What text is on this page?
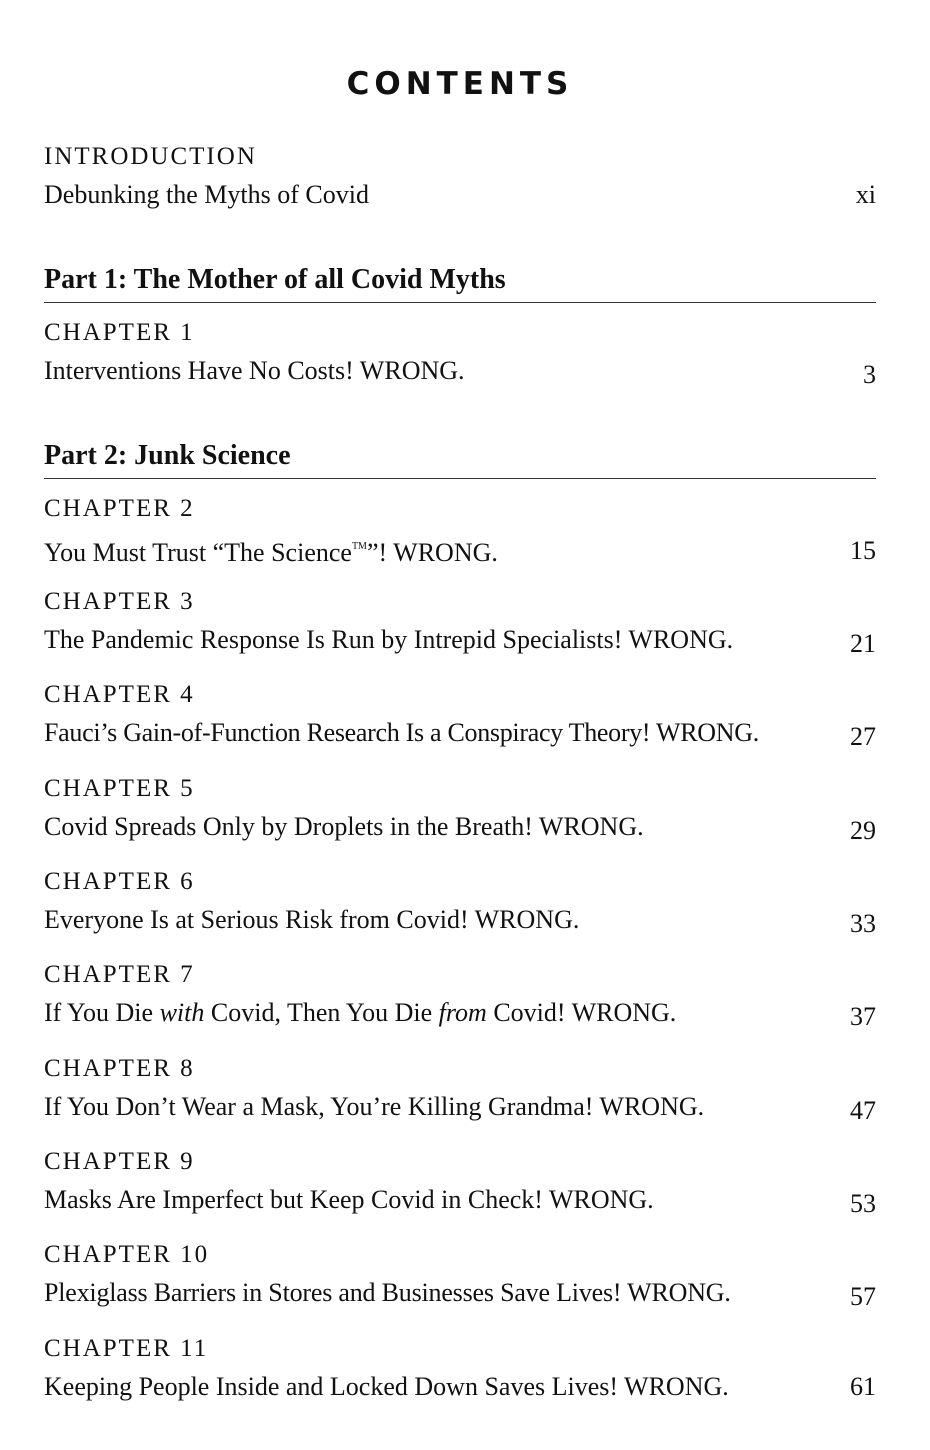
CONTENTS
INTRODUCTION
Debunking the Myths of Covid	xi
Part 1: The Mother of all Covid Myths
CHAPTER 1
Interventions Have No Costs! WRONG.	3
Part 2: Junk Science
CHAPTER 2
You Must Trust “The Science™”! WRONG.	15
CHAPTER 3
The Pandemic Response Is Run by Intrepid Specialists! WRONG.	21
CHAPTER 4
Fauci’s Gain-of-Function Research Is a Conspiracy Theory! WRONG.	27
CHAPTER 5
Covid Spreads Only by Droplets in the Breath! WRONG.	29
CHAPTER 6
Everyone Is at Serious Risk from Covid! WRONG.	33
CHAPTER 7
If You Die with Covid, Then You Die from Covid! WRONG.	37
CHAPTER 8
If You Don’t Wear a Mask, You’re Killing Grandma! WRONG.	47
CHAPTER 9
Masks Are Imperfect but Keep Covid in Check! WRONG.	53
CHAPTER 10
Plexiglass Barriers in Stores and Businesses Save Lives! WRONG.	57
CHAPTER 11
Keeping People Inside and Locked Down Saves Lives! WRONG.	61
